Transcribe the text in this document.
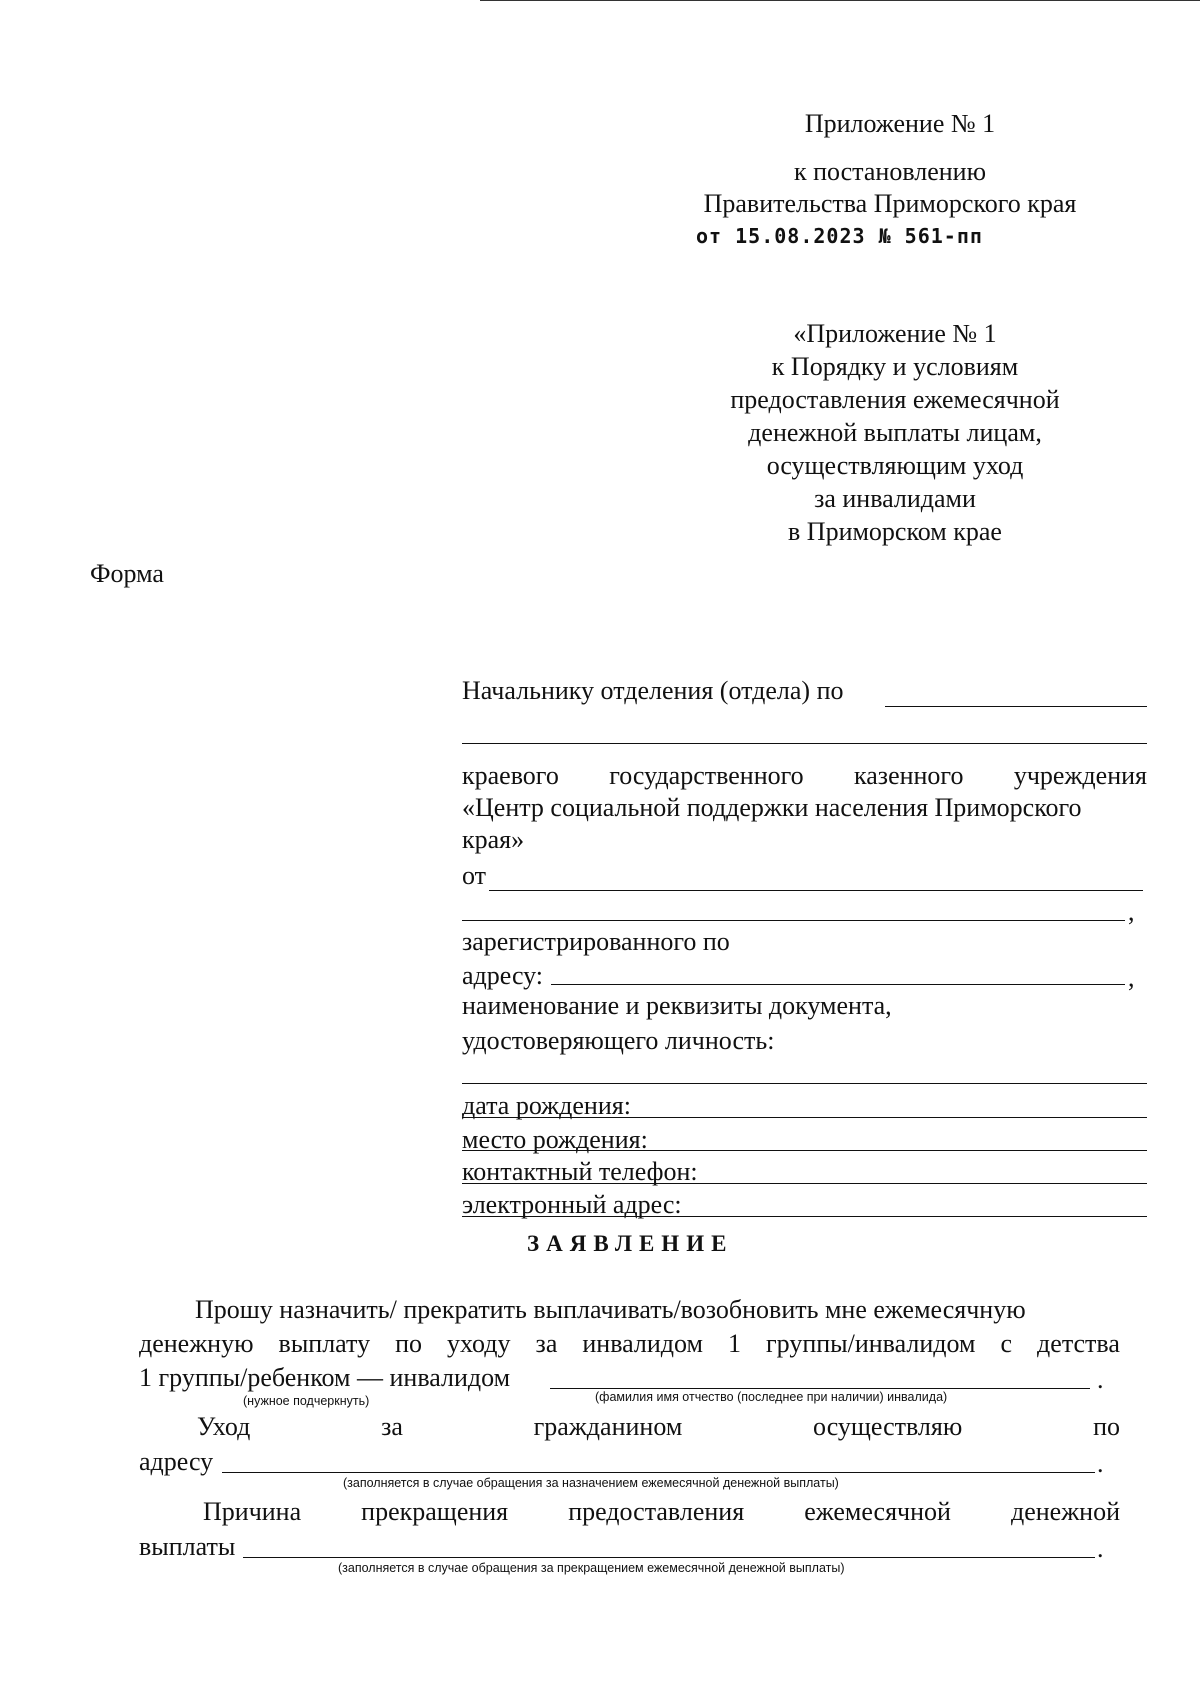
Приложение № 1
к постановлению
Правительства Приморского края
от 15.08.2023 № 561-пп
«Приложение № 1
к Порядку и условиям
предоставления ежемесячной
денежной выплаты лицам,
осуществляющим уход
за инвалидами
в Приморском крае
Форма
Начальнику отделения (отдела) по
краевого государственного казенного учреждения
«Центр социальной поддержки населения Приморского
края»
от
,
зарегистрированного по
адресу:	,
наименование и реквизиты документа,
удостоверяющего личность:
дата рождения:
место рождения:
контактный телефон:
электронный адрес:
ЗАЯВЛЕНИЕ
Прошу назначить/ прекратить выплачивать/возобновить мне ежемесячную
денежную выплату по уходу за инвалидом 1 группы/инвалидом с детства
1 группы/ребенком — инвалидом	.
(нужное подчеркнуть)	(фамилия имя отчество (последнее при наличии) инвалида)
Уход	за	гражданином	осуществляю	по
адресу	.
(заполняется в случае обращения за назначением ежемесячной денежной выплаты)
Причина прекращения предоставления ежемесячной денежной
выплаты	.
(заполняется в случае обращения за прекращением ежемесячной денежной выплаты)
